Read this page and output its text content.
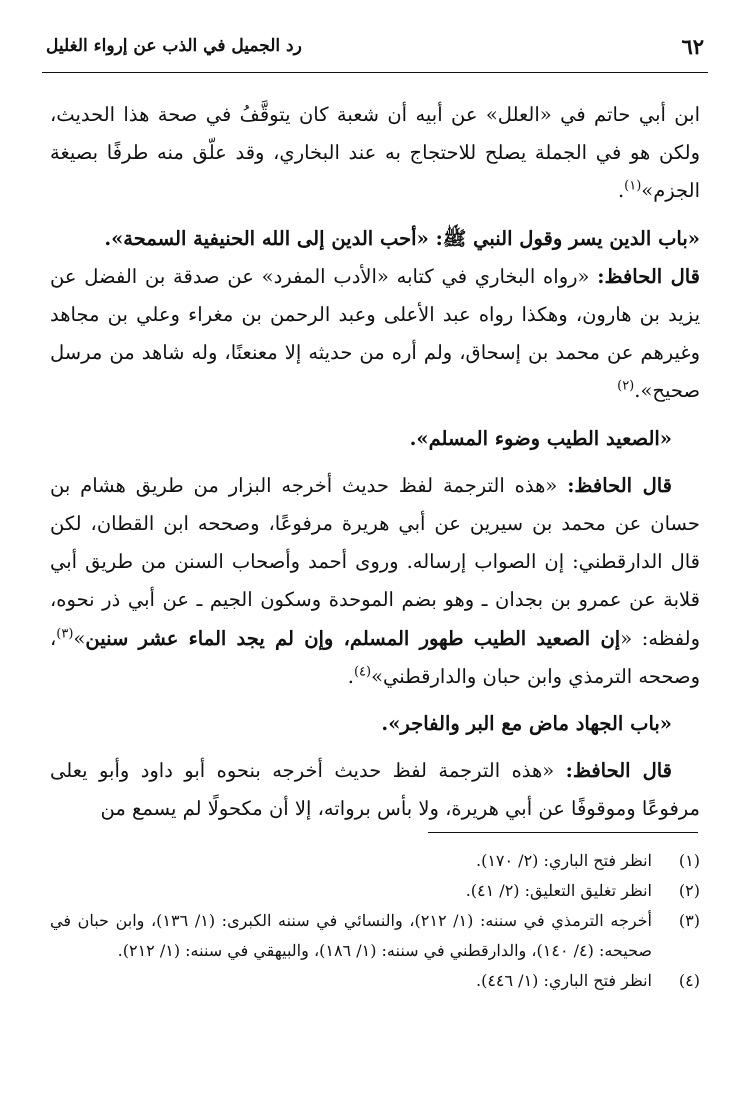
٦٢
رد الجميل في الذب عن إرواء الغليل

ابن أبي حاتم في «العلل» عن أبيه أن شعبة كان يتوقَّفُ في صحة هذا الحديث، ولكن هو في الجملة يصلح للاحتجاج به عند البخاري، وقد علّق منه طرفًا بصيغة الجزم»$^{(١)}$.

«باب الدين يسر وقول النبي ﷺ: «أحب الدين إلى الله الحنيفية السمحة».

قال الحافظ: «رواه البخاري في كتابه «الأدب المفرد» عن صدقة بن الفضل عن يزيد بن هارون، وهكذا رواه عبد الأعلى وعبد الرحمن بن مغراء وعلي بن مجاهد وغيرهم عن محمد بن إسحاق، ولم أره من حديثه إلا معنعنًا، وله شاهد من مرسل صحيح».$^{(٢)}$

«الصعيد الطيب وضوء المسلم».

قال الحافظ: «هذه الترجمة لفظ حديث أخرجه البزار من طريق هشام بن حسان عن محمد بن سيرين عن أبي هريرة مرفوعًا، وصححه ابن القطان، لكن قال الدارقطني: إن الصواب إرساله. وروى أحمد وأصحاب السنن من طريق أبي قلابة عن عمرو بن بجدان ـ وهو بضم الموحدة وسكون الجيم ـ عن أبي ذر نحوه، ولفظه: «إن الصعيد الطيب طهور المسلم، وإن لم يجد الماء عشر سنين»$^{(٣)}$، وصححه الترمذي وابن حبان والدارقطني»$^{(٤)}$.

«باب الجهاد ماض مع البر والفاجر».

قال الحافظ: «هذه الترجمة لفظ حديث أخرجه بنحوه أبو داود وأبو يعلى مرفوعًا وموقوفًا عن أبي هريرة، ولا بأس برواته، إلا أن مكحولًا لم يسمع من

(١)
انظر فتح الباري: (٢/ ١٧٠).

(٢)
انظر تغليق التعليق: (٢/ ٤١).

(٣)
أخرجه الترمذي في سننه: (١/ ٢١٢)، والنسائي في سننه الكبرى: (١/ ١٣٦)، وابن حبان في صحيحه: (٤/ ١٤٠)، والدارقطني في سننه: (١/ ١٨٦)، والبيهقي في سننه: (١/ ٢١٢).

(٤)
انظر فتح الباري: (١/ ٤٤٦).
